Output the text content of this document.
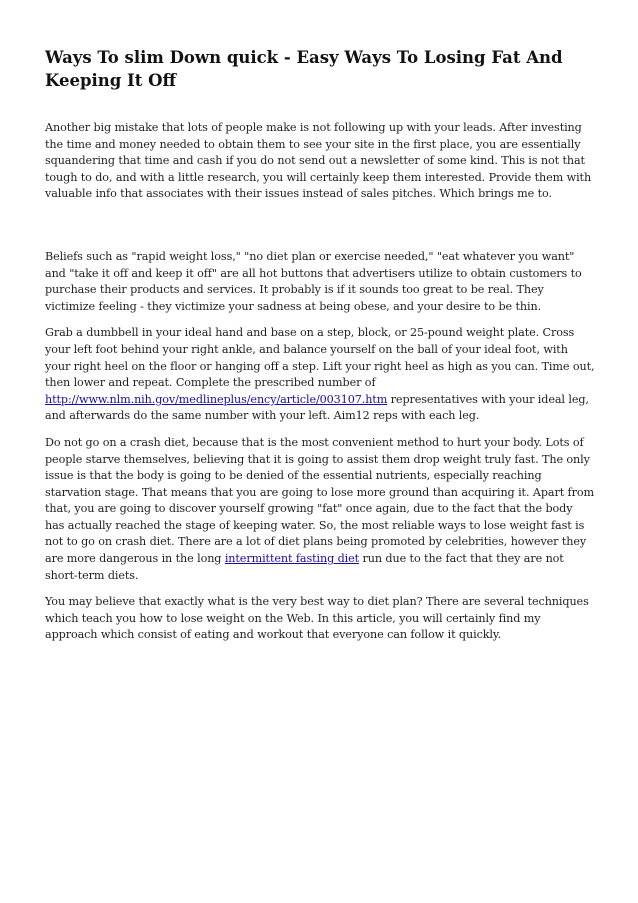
Ways To slim Down quick - Easy Ways To Losing Fat And Keeping It Off

Another big mistake that lots of people make is not following up with your leads. After investing the time and money needed to obtain them to see your site in the first place, you are essentially squandering that time and cash if you do not send out a newsletter of some kind. This is not that tough to do, and with a little research, you will certainly keep them interested. Provide them with valuable info that associates with their issues instead of sales pitches. Which brings me to.

Beliefs such as "rapid weight loss," "no diet plan or exercise needed," "eat whatever you want" and "take it off and keep it off" are all hot buttons that advertisers utilize to obtain customers to purchase their products and services. It probably is if it sounds too great to be real. They victimize feeling - they victimize your sadness at being obese, and your desire to be thin.

Grab a dumbbell in your ideal hand and base on a step, block, or 25-pound weight plate. Cross your left foot behind your right ankle, and balance yourself on the ball of your ideal foot, with your right heel on the floor or hanging off a step. Lift your right heel as high as you can. Time out, then lower and repeat. Complete the prescribed number of http://www.nlm.nih.gov/medlineplus/ency/article/003107.htm representatives with your ideal leg, and afterwards do the same number with your left. Aim12 reps with each leg.

Do not go on a crash diet, because that is the most convenient method to hurt your body. Lots of people starve themselves, believing that it is going to assist them drop weight truly fast. The only issue is that the body is going to be denied of the essential nutrients, especially reaching starvation stage. That means that you are going to lose more ground than acquiring it. Apart from that, you are going to discover yourself growing "fat" once again, due to the fact that the body has actually reached the stage of keeping water. So, the most reliable ways to lose weight fast is not to go on crash diet. There are a lot of diet plans being promoted by celebrities, however they are more dangerous in the long intermittent fasting diet run due to the fact that they are not short-term diets.

You may believe that exactly what is the very best way to diet plan? There are several techniques which teach you how to lose weight on the Web. In this article, you will certainly find my approach which consist of eating and workout that everyone can follow it quickly.
